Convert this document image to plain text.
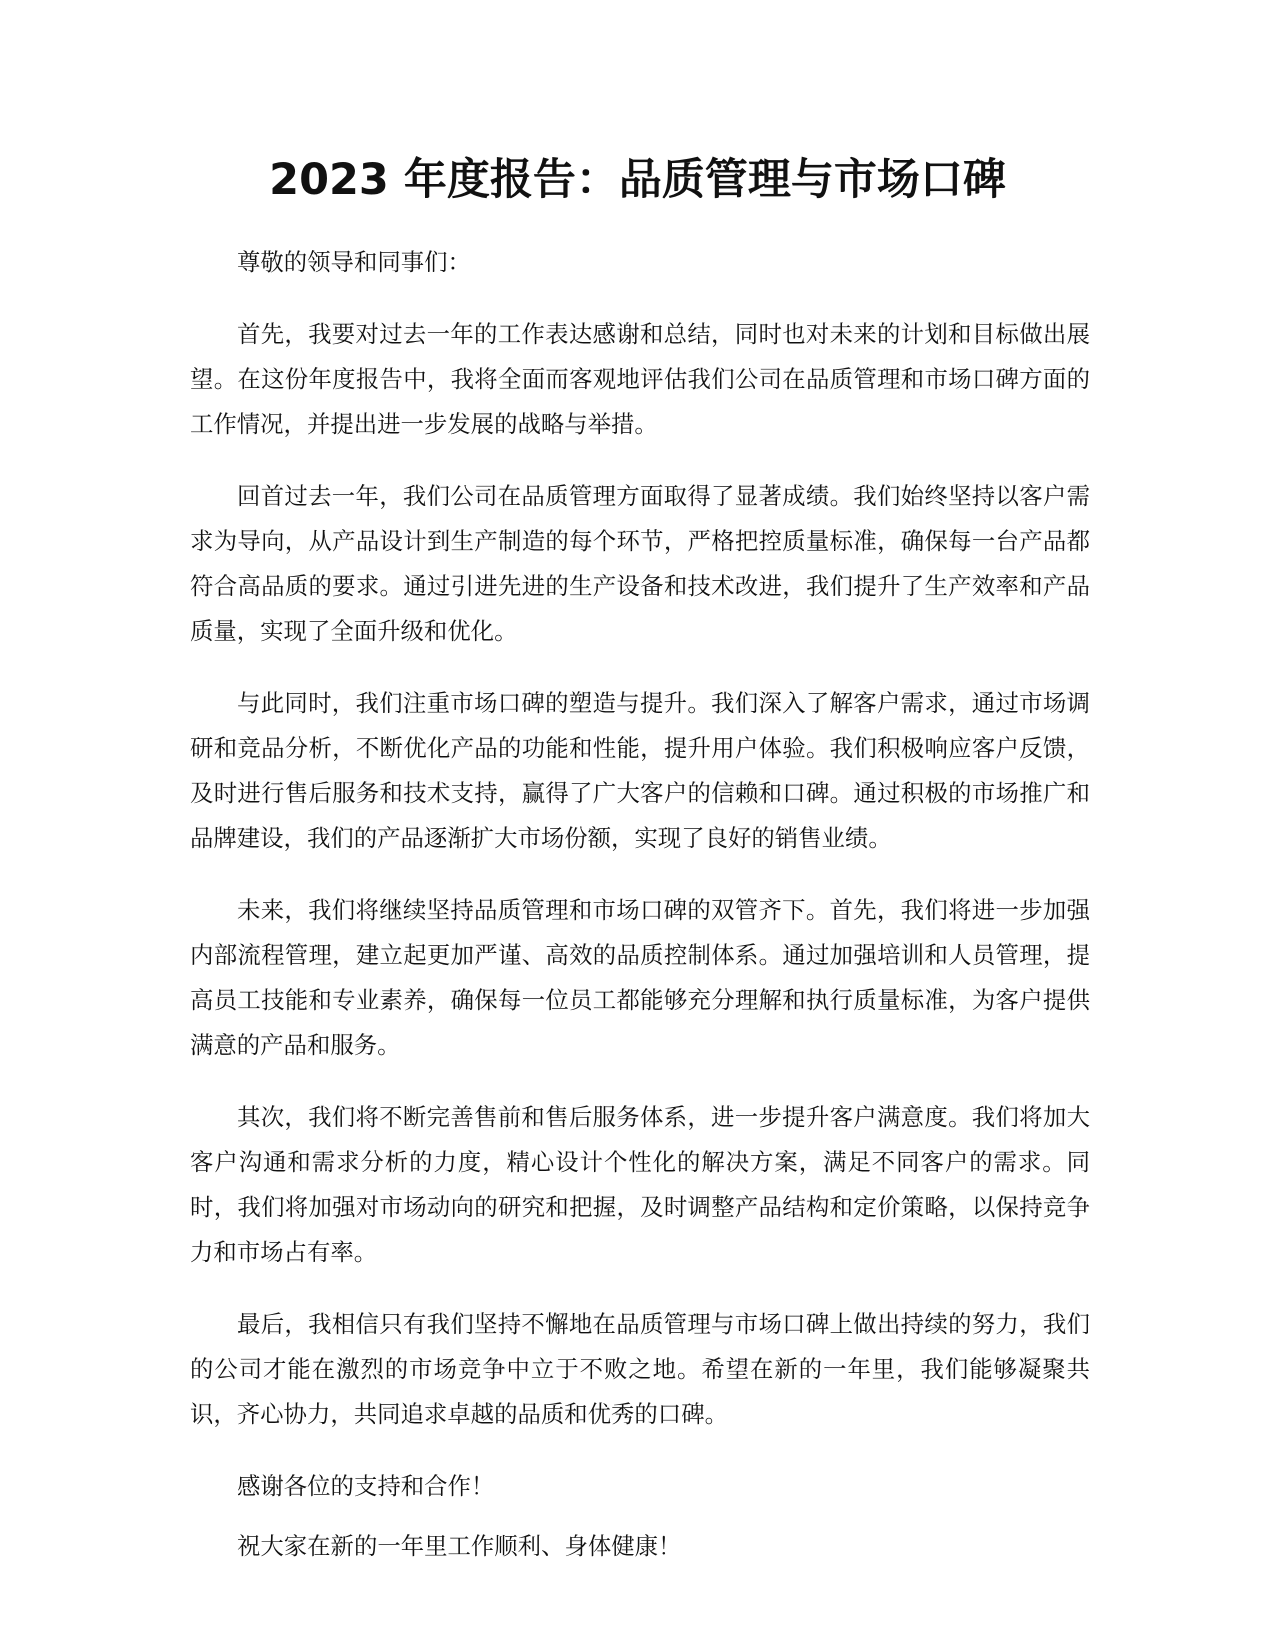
2023 年度报告：品质管理与市场口碑

尊敬的领导和同事们：

首先，我要对过去一年的工作表达感谢和总结，同时也对未来的计划和目标做出展望。在这份年度报告中，我将全面而客观地评估我们公司在品质管理和市场口碑方面的工作情况，并提出进一步发展的战略与举措。

回首过去一年，我们公司在品质管理方面取得了显著成绩。我们始终坚持以客户需求为导向，从产品设计到生产制造的每个环节，严格把控质量标准，确保每一台产品都符合高品质的要求。通过引进先进的生产设备和技术改进，我们提升了生产效率和产品质量，实现了全面升级和优化。

与此同时，我们注重市场口碑的塑造与提升。我们深入了解客户需求，通过市场调研和竞品分析，不断优化产品的功能和性能，提升用户体验。我们积极响应客户反馈，及时进行售后服务和技术支持，赢得了广大客户的信赖和口碑。通过积极的市场推广和品牌建设，我们的产品逐渐扩大市场份额，实现了良好的销售业绩。

未来，我们将继续坚持品质管理和市场口碑的双管齐下。首先，我们将进一步加强内部流程管理，建立起更加严谨、高效的品质控制体系。通过加强培训和人员管理，提高员工技能和专业素养，确保每一位员工都能够充分理解和执行质量标准，为客户提供满意的产品和服务。

其次，我们将不断完善售前和售后服务体系，进一步提升客户满意度。我们将加大客户沟通和需求分析的力度，精心设计个性化的解决方案，满足不同客户的需求。同时，我们将加强对市场动向的研究和把握，及时调整产品结构和定价策略，以保持竞争力和市场占有率。

最后，我相信只有我们坚持不懈地在品质管理与市场口碑上做出持续的努力，我们的公司才能在激烈的市场竞争中立于不败之地。希望在新的一年里，我们能够凝聚共识，齐心协力，共同追求卓越的品质和优秀的口碑。

感谢各位的支持和合作！

祝大家在新的一年里工作顺利、身体健康！
